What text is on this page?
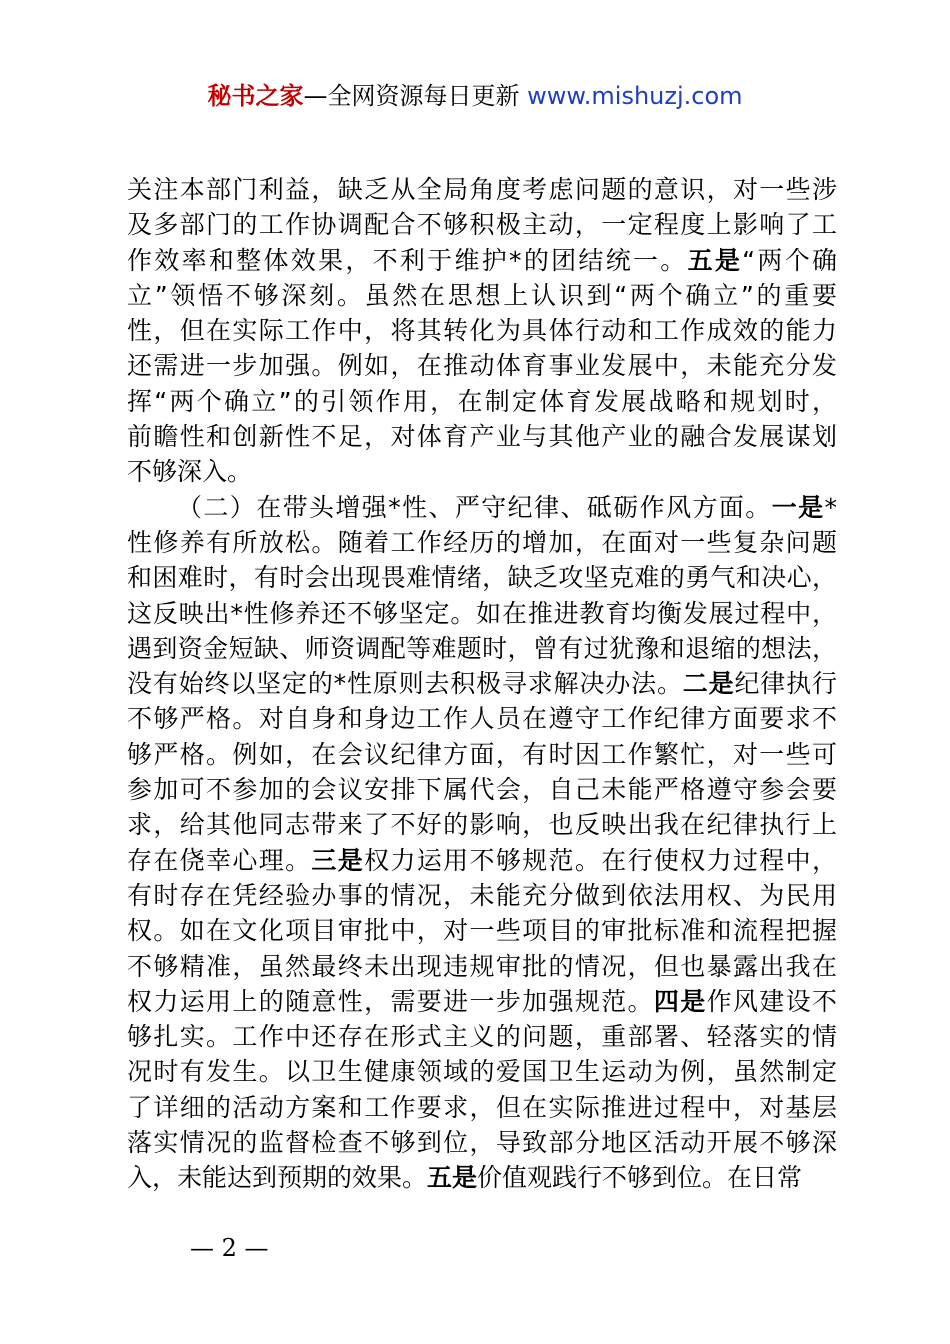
秘书之家—全网资源每日更新 www.mishuzj.com
关注本部门利益，缺乏从全局角度考虑问题的意识，对一些涉
及多部门的工作协调配合不够积极主动，一定程度上影响了工
作效率和整体效果，不利于维护*的团结统一。五是“两个确
立”领悟不够深刻。虽然在思想上认识到“两个确立”的重要
性，但在实际工作中，将其转化为具体行动和工作成效的能力
还需进一步加强。例如，在推动体育事业发展中，未能充分发
挥“两个确立”的引领作用，在制定体育发展战略和规划时，
前瞻性和创新性不足，对体育产业与其他产业的融合发展谋划
不够深入。
（二）在带头增强*性、严守纪律、砥砺作风方面。一是*
性修养有所放松。随着工作经历的增加，在面对一些复杂问题
和困难时，有时会出现畏难情绪，缺乏攻坚克难的勇气和决心，
这反映出*性修养还不够坚定。如在推进教育均衡发展过程中，
遇到资金短缺、师资调配等难题时，曾有过犹豫和退缩的想法，
没有始终以坚定的*性原则去积极寻求解决办法。二是纪律执行
不够严格。对自身和身边工作人员在遵守工作纪律方面要求不
够严格。例如，在会议纪律方面，有时因工作繁忙，对一些可
参加可不参加的会议安排下属代会，自己未能严格遵守参会要
求，给其他同志带来了不好的影响，也反映出我在纪律执行上
存在侥幸心理。三是权力运用不够规范。在行使权力过程中，
有时存在凭经验办事的情况，未能充分做到依法用权、为民用
权。如在文化项目审批中，对一些项目的审批标准和流程把握
不够精准，虽然最终未出现违规审批的情况，但也暴露出我在
权力运用上的随意性，需要进一步加强规范。四是作风建设不
够扎实。工作中还存在形式主义的问题，重部署、轻落实的情
况时有发生。以卫生健康领域的爱国卫生运动为例，虽然制定
了详细的活动方案和工作要求，但在实际推进过程中，对基层
落实情况的监督检查不够到位，导致部分地区活动开展不够深
入，未能达到预期的效果。五是价值观践行不够到位。在日常
— 2 —
